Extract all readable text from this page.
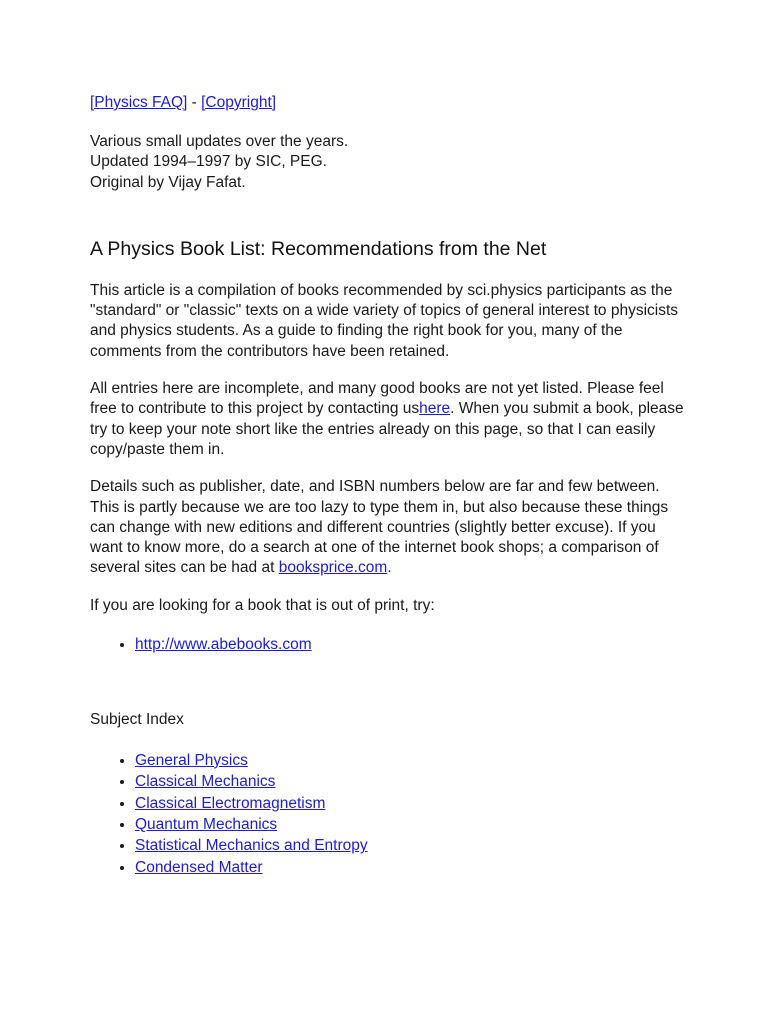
[Physics FAQ] - [Copyright]
Various small updates over the years.
Updated 1994–1997 by SIC, PEG.
Original by Vijay Fafat.
A Physics Book List: Recommendations from the Net

This article is a compilation of books recommended by sci.physics participants as the "standard" or "classic" texts on a wide variety of topics of general interest to physicists and physics students. As a guide to finding the right book for you, many of the comments from the contributors have been retained.

All entries here are incomplete, and many good books are not yet listed. Please feel free to contribute to this project by contacting ushere. When you submit a book, please try to keep your note short like the entries already on this page, so that I can easily copy/paste them in.

Details such as publisher, date, and ISBN numbers below are far and few between. This is partly because we are too lazy to type them in, but also because these things can change with new editions and different countries (slightly better excuse). If you want to know more, do a search at one of the internet book shops; a comparison of several sites can be had at booksprice.com.

If you are looking for a book that is out of print, try:

• http://www.abebooks.com

Subject Index

• General Physics
• Classical Mechanics
• Classical Electromagnetism
• Quantum Mechanics
• Statistical Mechanics and Entropy
• Condensed Matter
